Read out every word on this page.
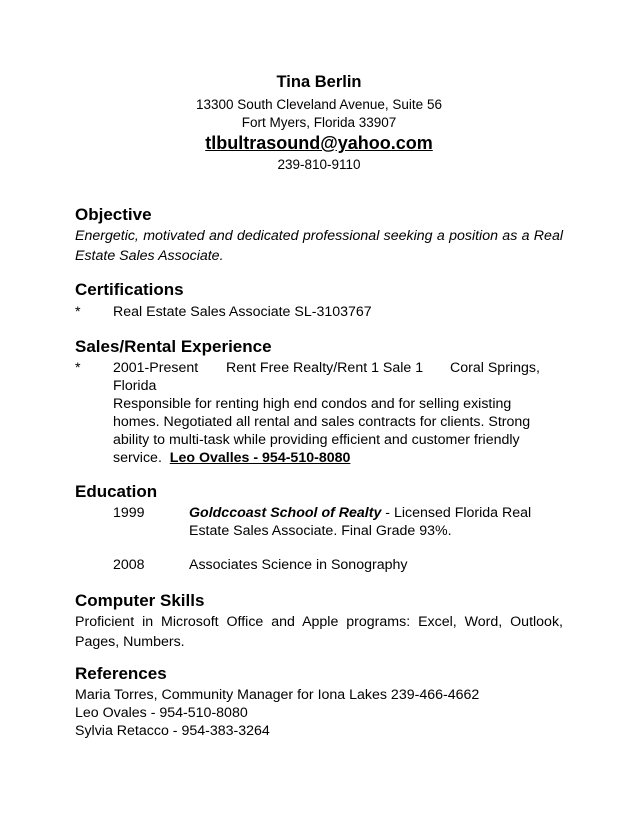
Tina Berlin
13300 South Cleveland Avenue, Suite 56
Fort Myers, Florida 33907
tlbultrasound@yahoo.com
239-810-9110
Objective
Energetic, motivated and dedicated professional seeking a position as a Real Estate Sales Associate.
Certifications
* Real Estate Sales Associate SL-3103767
Sales/Rental Experience
* 2001-Present Rent Free Realty/Rent 1 Sale 1 Coral Springs,
Florida
Responsible for renting high end condos and for selling existing
homes. Negotiated all rental and sales contracts for clients. Strong
ability to multi-task while providing efficient and customer friendly
service. Leo Ovalles - 954-510-8080
Education
1999	Goldccoast School of Realty - Licensed Florida Real
Estate Sales Associate. Final Grade 93%.
2008	Associates Science in Sonography
Computer Skills
Proficient in Microsoft Office and Apple programs: Excel, Word, Outlook, Pages, Numbers.
References
Maria Torres, Community Manager for Iona Lakes 239-466-4662
Leo Ovales - 954-510-8080
Sylvia Retacco - 954-383-3264
